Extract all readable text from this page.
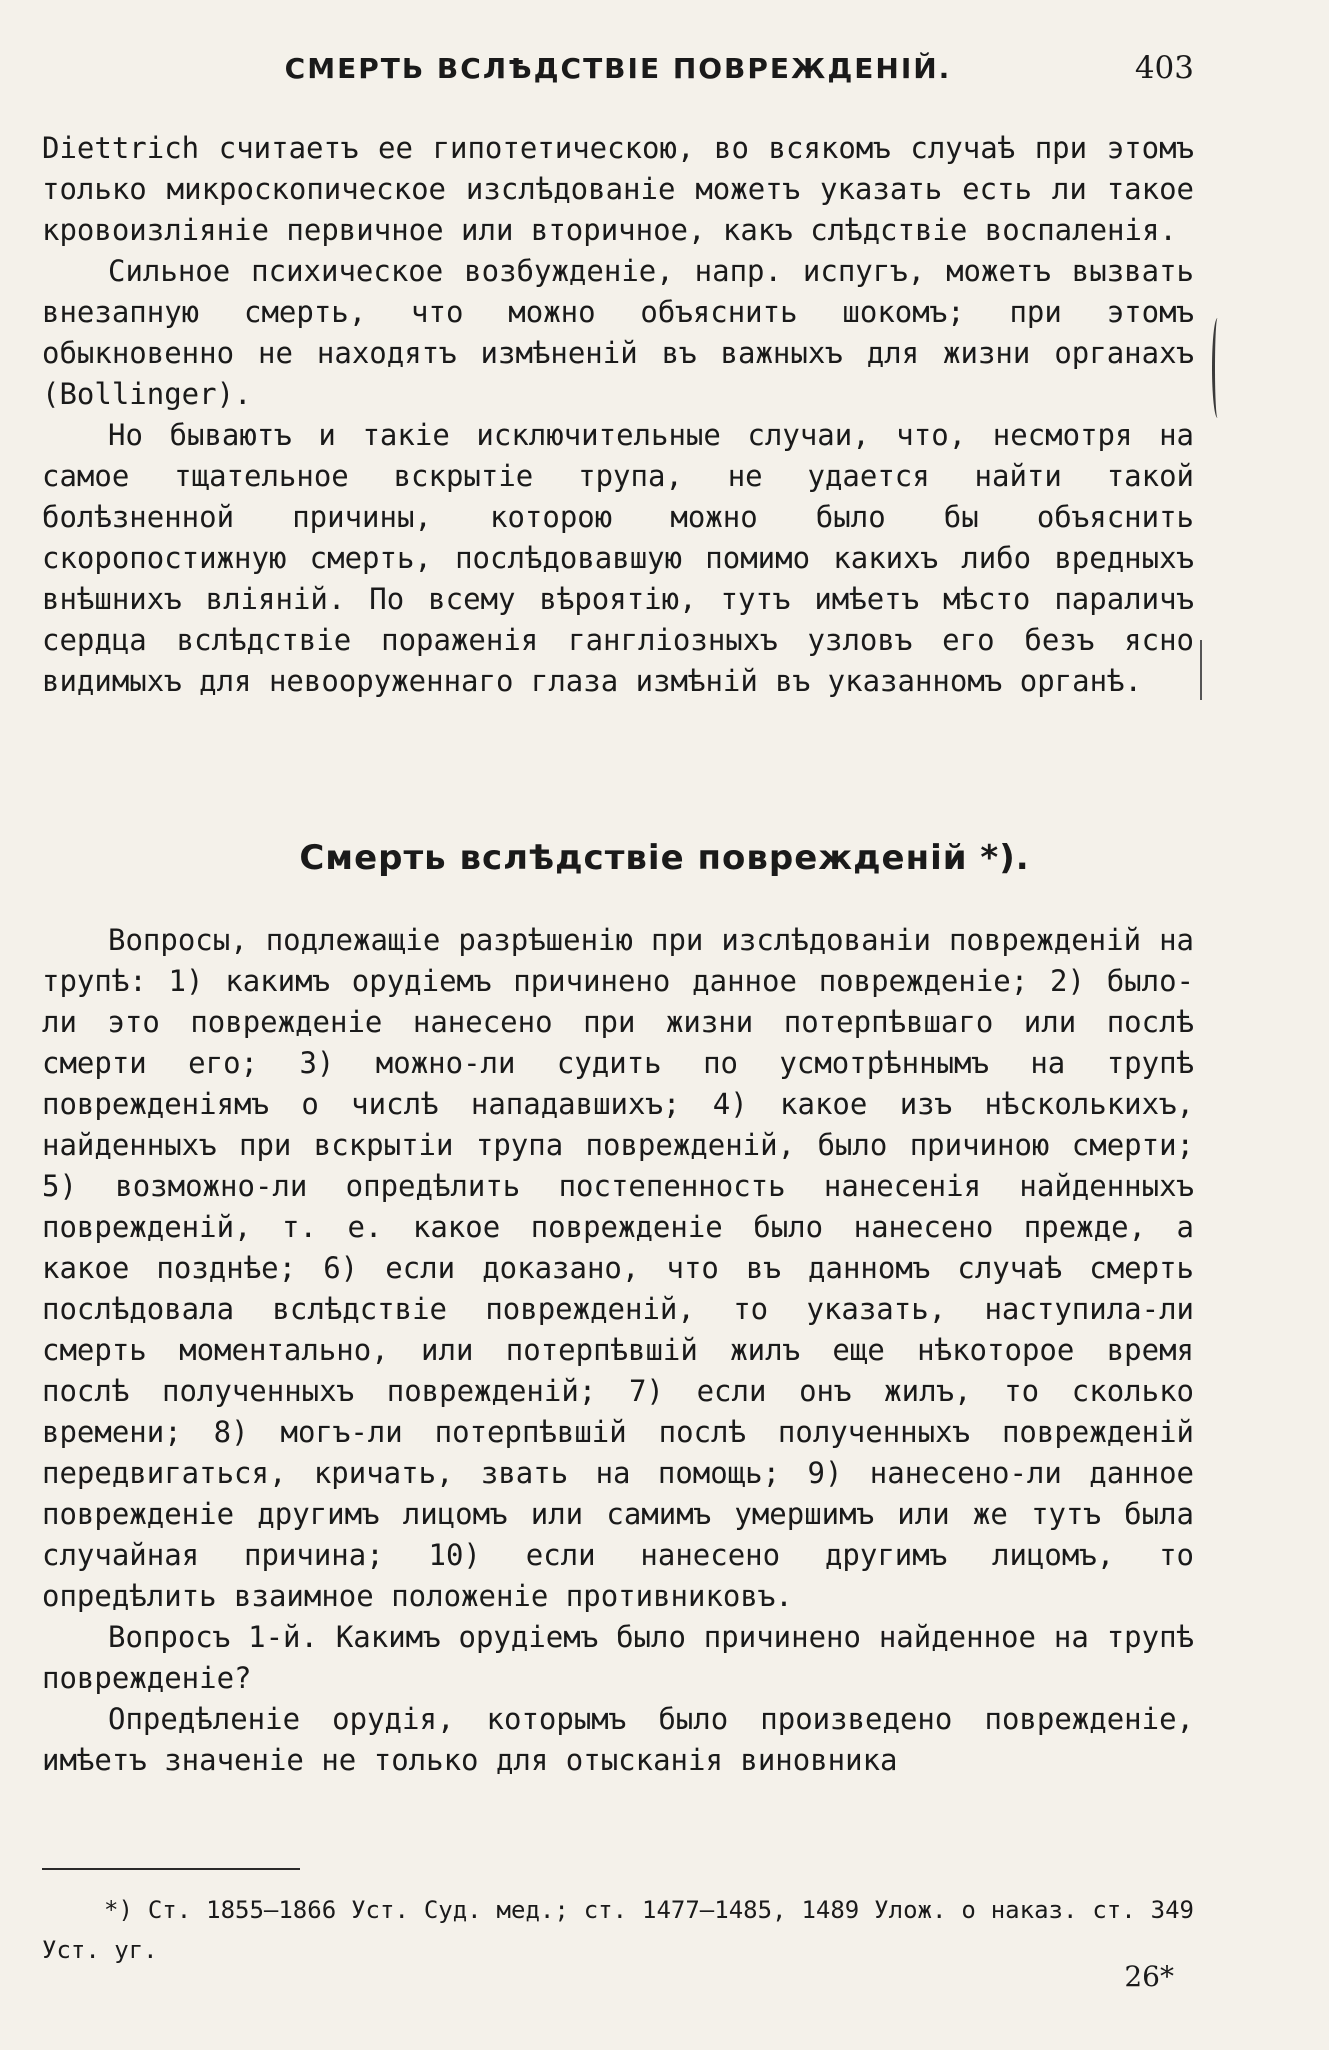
СМЕРТЬ ВСЛѢДСТВІЕ ПОВРЕЖДЕНІЙ.	403

Diettrich считаетъ ее гипотетическою, во всякомъ случаѣ при этомъ только микроскопическое изслѣдованіе можетъ указать есть ли такое кровоизліяніе первичное или вторичное, какъ слѣдствіе воспаленія.

Сильное психическое возбужденіе, напр. испугъ, можетъ вызвать внезапную смерть, что можно объяснить шокомъ; при этомъ обыкновенно не находятъ измѣненій въ важныхъ для жизни органахъ (Bollinger).

Но бываютъ и такіе исключительные случаи, что, несмотря на самое тщательное вскрытіе трупа, не удается найти такой болѣзненной причины, которою можно было бы объяснить скоропостижную смерть, послѣдовавшую помимо какихъ либо вредныхъ внѣшнихъ вліяній. По всему вѣроятію, тутъ имѣетъ мѣсто параличъ сердца вслѣдствіе пораженія ганглiозныхъ узловъ его безъ ясно видимыхъ для невооруженнаго глаза измѣній въ указанномъ органѣ.

Смерть вслѣдствіе поврежденій *).

Вопросы, подлежащіе разрѣшенію при изслѣдованіи поврежденій на трупѣ: 1) какимъ орудіемъ причинено данное поврежденіе; 2) было-ли это поврежденіе нанесено при жизни потерпѣвшаго или послѣ смерти его; 3) можно-ли судить по усмотрѣннымъ на трупѣ поврежденіямъ о числѣ нападавшихъ; 4) какое изъ нѣсколькихъ, найденныхъ при вскрытіи трупа поврежденій, было причиною смерти; 5) возможно-ли опредѣлить постепенность нанесенія найденныхъ поврежденій, т. е. какое поврежденіе было нанесено прежде, а какое позднѣе; 6) если доказано, что въ данномъ случаѣ смерть послѣдовала вслѣдствіе поврежденій, то указать, наступила-ли смерть моментально, или потерпѣвшій жилъ еще нѣкоторое время послѣ полученныхъ поврежденій; 7) если онъ жилъ, то сколько времени; 8) могъ-ли потерпѣвшій послѣ полученныхъ поврежденій передвигаться, кричать, звать на помощь; 9) нанесено-ли данное поврежденіе другимъ лицомъ или самимъ умершимъ или же тутъ была случайная причина; 10) если нанесено другимъ лицомъ, то опредѣлить взаимное положеніе противниковъ.

Вопросъ 1-й. Какимъ орудіемъ было причинено найденное на трупѣ поврежденіе?

Опредѣленіе орудія, которымъ было произведено поврежденіе, имѣетъ значеніе не только для отысканія виновника

*) Ст. 1855—1866 Уст. Суд. мед.; ст. 1477—1485, 1489 Улож. о наказ. ст. 349 Уст. уг.
26*
